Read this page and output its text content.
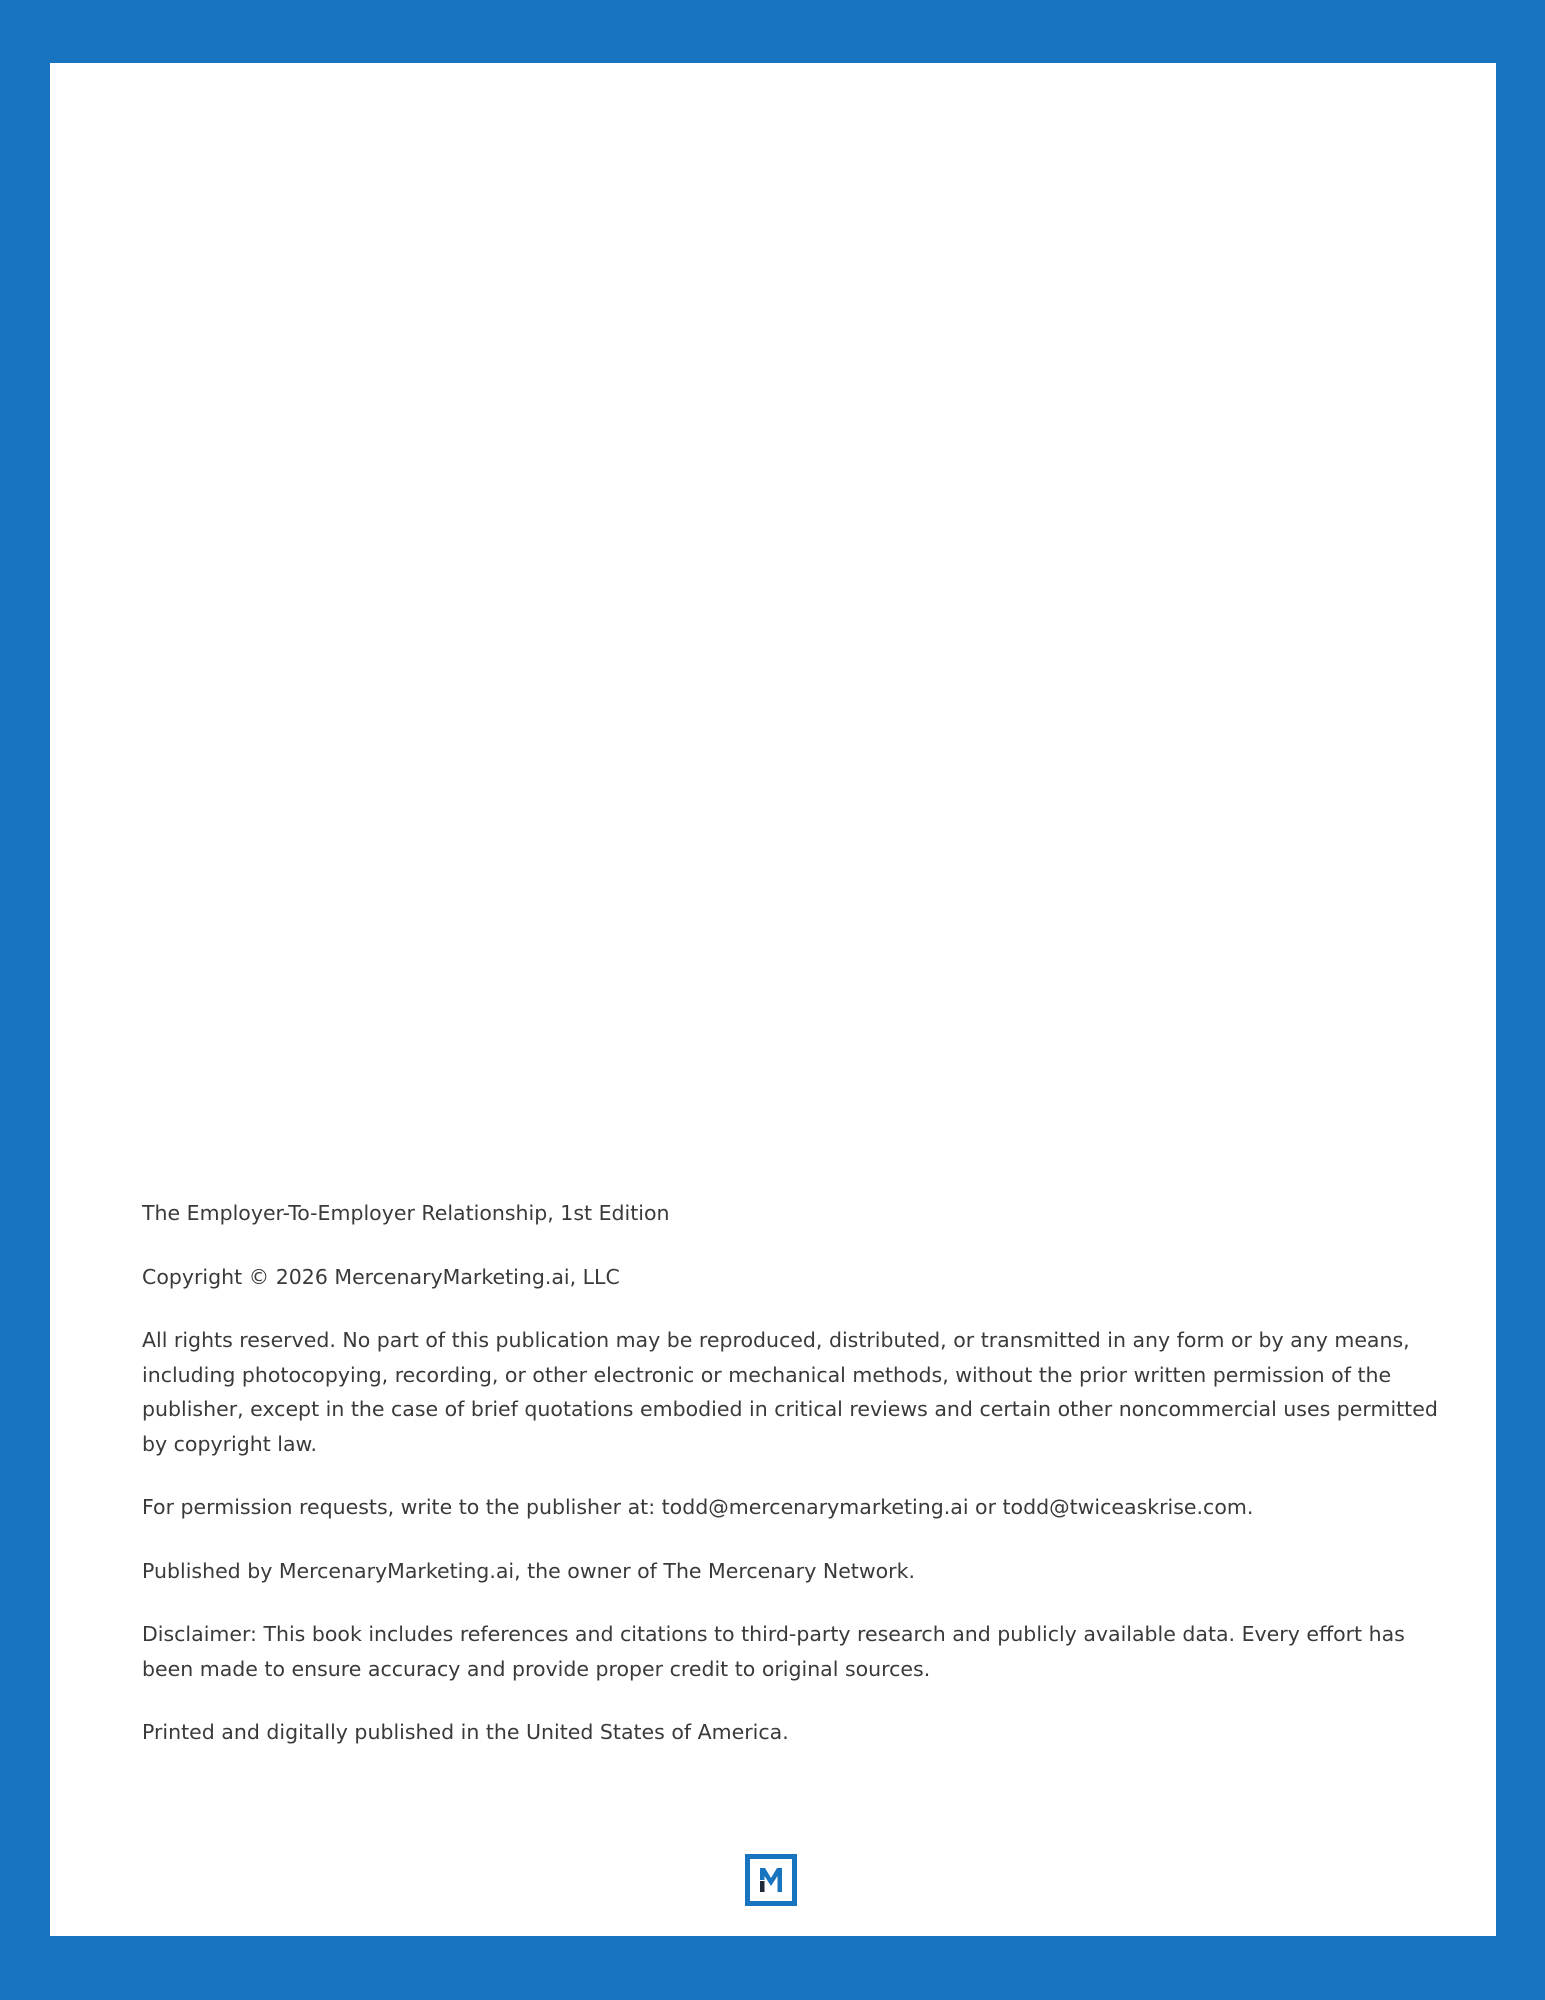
The Employer-To-Employer Relationship, 1st Edition

Copyright © 2026 MercenaryMarketing.ai, LLC

All rights reserved. No part of this publication may be reproduced, distributed, or transmitted in any form or by any means, including photocopying, recording, or other electronic or mechanical methods, without the prior written permission of the publisher, except in the case of brief quotations embodied in critical reviews and certain other noncommercial uses permitted by copyright law.

For permission requests, write to the publisher at: todd@mercenarymarketing.ai or todd@twiceaskrise.com.

Published by MercenaryMarketing.ai, the owner of The Mercenary Network.

Disclaimer: This book includes references and citations to third-party research and publicly available data. Every effort has been made to ensure accuracy and provide proper credit to original sources.

Printed and digitally published in the United States of America.
